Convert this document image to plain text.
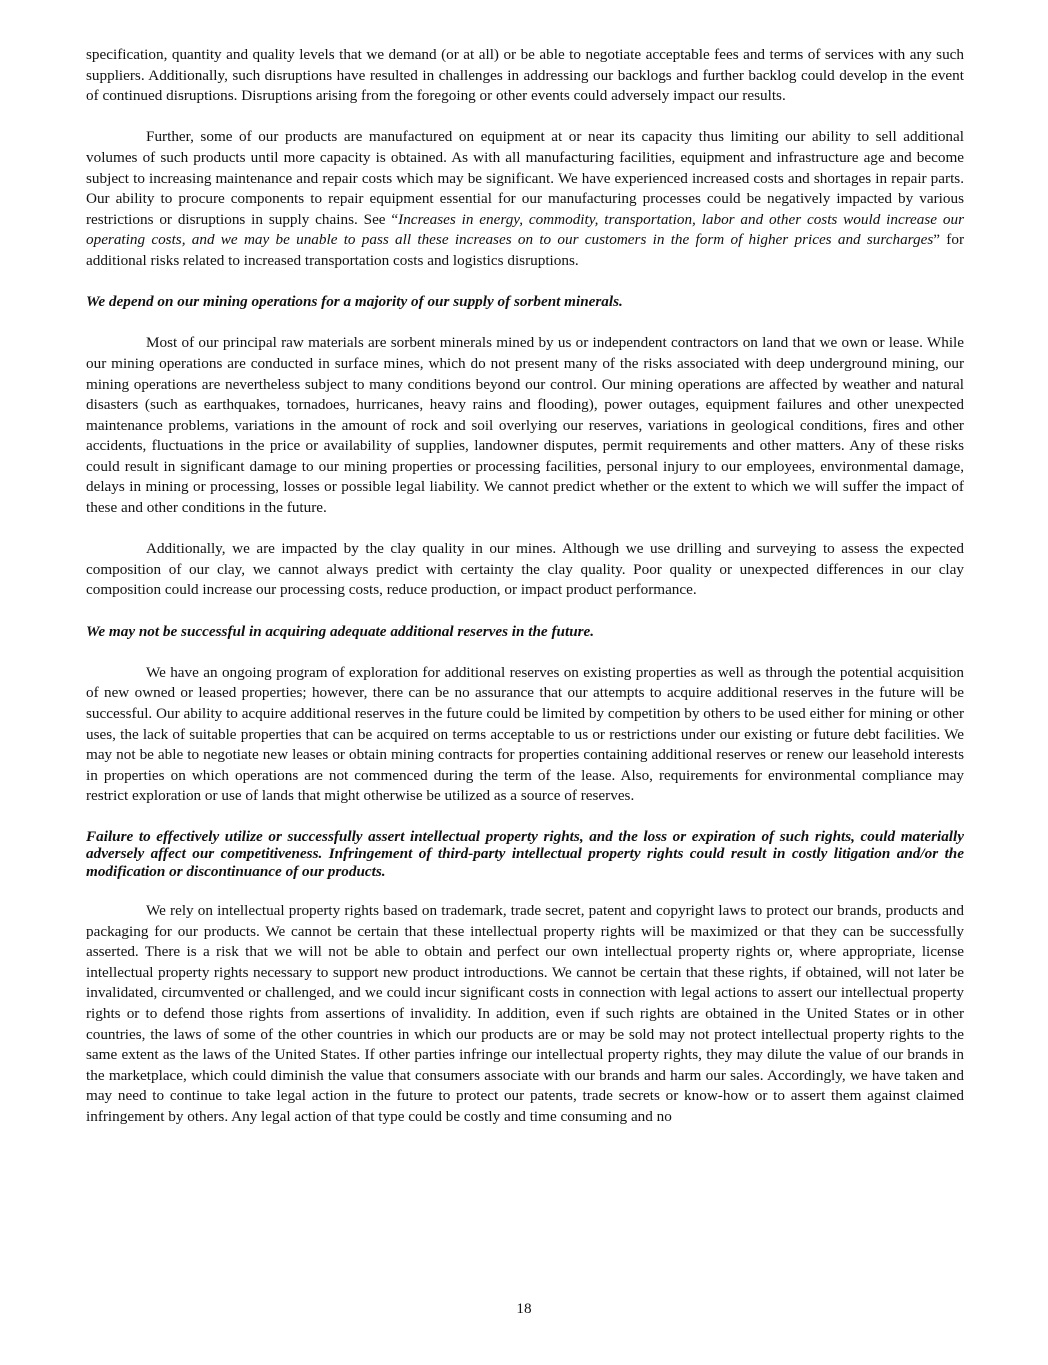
specification, quantity and quality levels that we demand (or at all) or be able to negotiate acceptable fees and terms of services with any such suppliers. Additionally, such disruptions have resulted in challenges in addressing our backlogs and further backlog could develop in the event of continued disruptions. Disruptions arising from the foregoing or other events could adversely impact our results.

Further, some of our products are manufactured on equipment at or near its capacity thus limiting our ability to sell additional volumes of such products until more capacity is obtained. As with all manufacturing facilities, equipment and infrastructure age and become subject to increasing maintenance and repair costs which may be significant. We have experienced increased costs and shortages in repair parts. Our ability to procure components to repair equipment essential for our manufacturing processes could be negatively impacted by various restrictions or disruptions in supply chains. See “Increases in energy, commodity, transportation, labor and other costs would increase our operating costs, and we may be unable to pass all these increases on to our customers in the form of higher prices and surcharges” for additional risks related to increased transportation costs and logistics disruptions.

We depend on our mining operations for a majority of our supply of sorbent minerals.

Most of our principal raw materials are sorbent minerals mined by us or independent contractors on land that we own or lease. While our mining operations are conducted in surface mines, which do not present many of the risks associated with deep underground mining, our mining operations are nevertheless subject to many conditions beyond our control. Our mining operations are affected by weather and natural disasters (such as earthquakes, tornadoes, hurricanes, heavy rains and flooding), power outages, equipment failures and other unexpected maintenance problems, variations in the amount of rock and soil overlying our reserves, variations in geological conditions, fires and other accidents, fluctuations in the price or availability of supplies, landowner disputes, permit requirements and other matters. Any of these risks could result in significant damage to our mining properties or processing facilities, personal injury to our employees, environmental damage, delays in mining or processing, losses or possible legal liability. We cannot predict whether or the extent to which we will suffer the impact of these and other conditions in the future.

Additionally, we are impacted by the clay quality in our mines. Although we use drilling and surveying to assess the expected composition of our clay, we cannot always predict with certainty the clay quality. Poor quality or unexpected differences in our clay composition could increase our processing costs, reduce production, or impact product performance.

We may not be successful in acquiring adequate additional reserves in the future.

We have an ongoing program of exploration for additional reserves on existing properties as well as through the potential acquisition of new owned or leased properties; however, there can be no assurance that our attempts to acquire additional reserves in the future will be successful. Our ability to acquire additional reserves in the future could be limited by competition by others to be used either for mining or other uses, the lack of suitable properties that can be acquired on terms acceptable to us or restrictions under our existing or future debt facilities. We may not be able to negotiate new leases or obtain mining contracts for properties containing additional reserves or renew our leasehold interests in properties on which operations are not commenced during the term of the lease. Also, requirements for environmental compliance may restrict exploration or use of lands that might otherwise be utilized as a source of reserves.

Failure to effectively utilize or successfully assert intellectual property rights, and the loss or expiration of such rights, could materially adversely affect our competitiveness. Infringement of third-party intellectual property rights could result in costly litigation and/or the modification or discontinuance of our products.

We rely on intellectual property rights based on trademark, trade secret, patent and copyright laws to protect our brands, products and packaging for our products. We cannot be certain that these intellectual property rights will be maximized or that they can be successfully asserted. There is a risk that we will not be able to obtain and perfect our own intellectual property rights or, where appropriate, license intellectual property rights necessary to support new product introductions. We cannot be certain that these rights, if obtained, will not later be invalidated, circumvented or challenged, and we could incur significant costs in connection with legal actions to assert our intellectual property rights or to defend those rights from assertions of invalidity. In addition, even if such rights are obtained in the United States or in other countries, the laws of some of the other countries in which our products are or may be sold may not protect intellectual property rights to the same extent as the laws of the United States. If other parties infringe our intellectual property rights, they may dilute the value of our brands in the marketplace, which could diminish the value that consumers associate with our brands and harm our sales. Accordingly, we have taken and may need to continue to take legal action in the future to protect our patents, trade secrets or know-how or to assert them against claimed infringement by others. Any legal action of that type could be costly and time consuming and no

18
